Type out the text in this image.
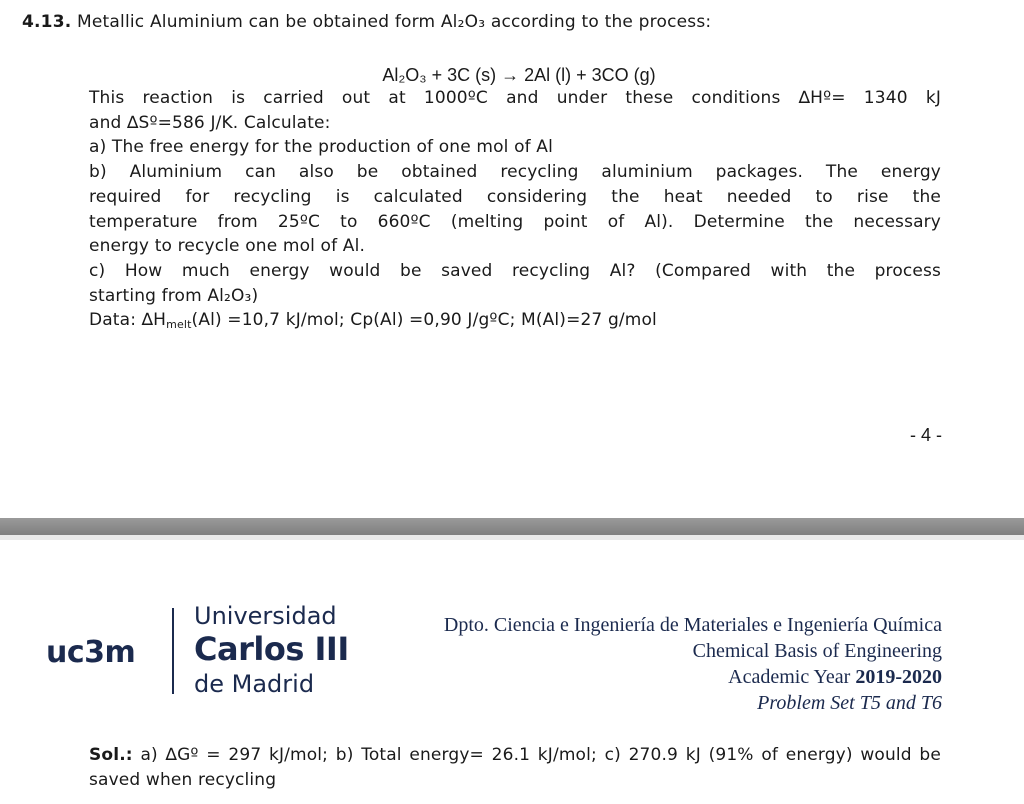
4.13. Metallic Aluminium can be obtained form Al₂O₃ according to the process:
Al₂O₃ + 3C (s) → 2Al (l) + 3CO (g)

This reaction is carried out at 1000ºC and under these conditions ∆Hº= 1340 kJ

and ∆Sº=586 J/K. Calculate:

a) The free energy for the production of one mol of Al

b) Aluminium can also be obtained recycling aluminium packages. The energy

required for recycling is calculated considering the heat needed to rise the

temperature from 25ºC to 660ºC (melting point of Al). Determine the necessary

energy to recycle one mol of Al.

c) How much energy would be saved recycling Al? (Compared with the process

starting from Al₂O₃)

Data: ∆Hmelt(Al) =10,7 kJ/mol; Cp(Al) =0,90 J/gºC; M(Al)=27 g/mol

- 4 -
uc3m
Universidad
Carlos III
de Madrid
Dpto. Ciencia e Ingeniería de Materiales e Ingeniería Química
Chemical Basis of Engineering
Academic Year 2019-2020
Problem Set T5 and T6
Sol.: a) ∆Gº = 297 kJ/mol; b) Total energy= 26.1 kJ/mol; c) 270.9 kJ (91% of energy) would be saved when recycling
